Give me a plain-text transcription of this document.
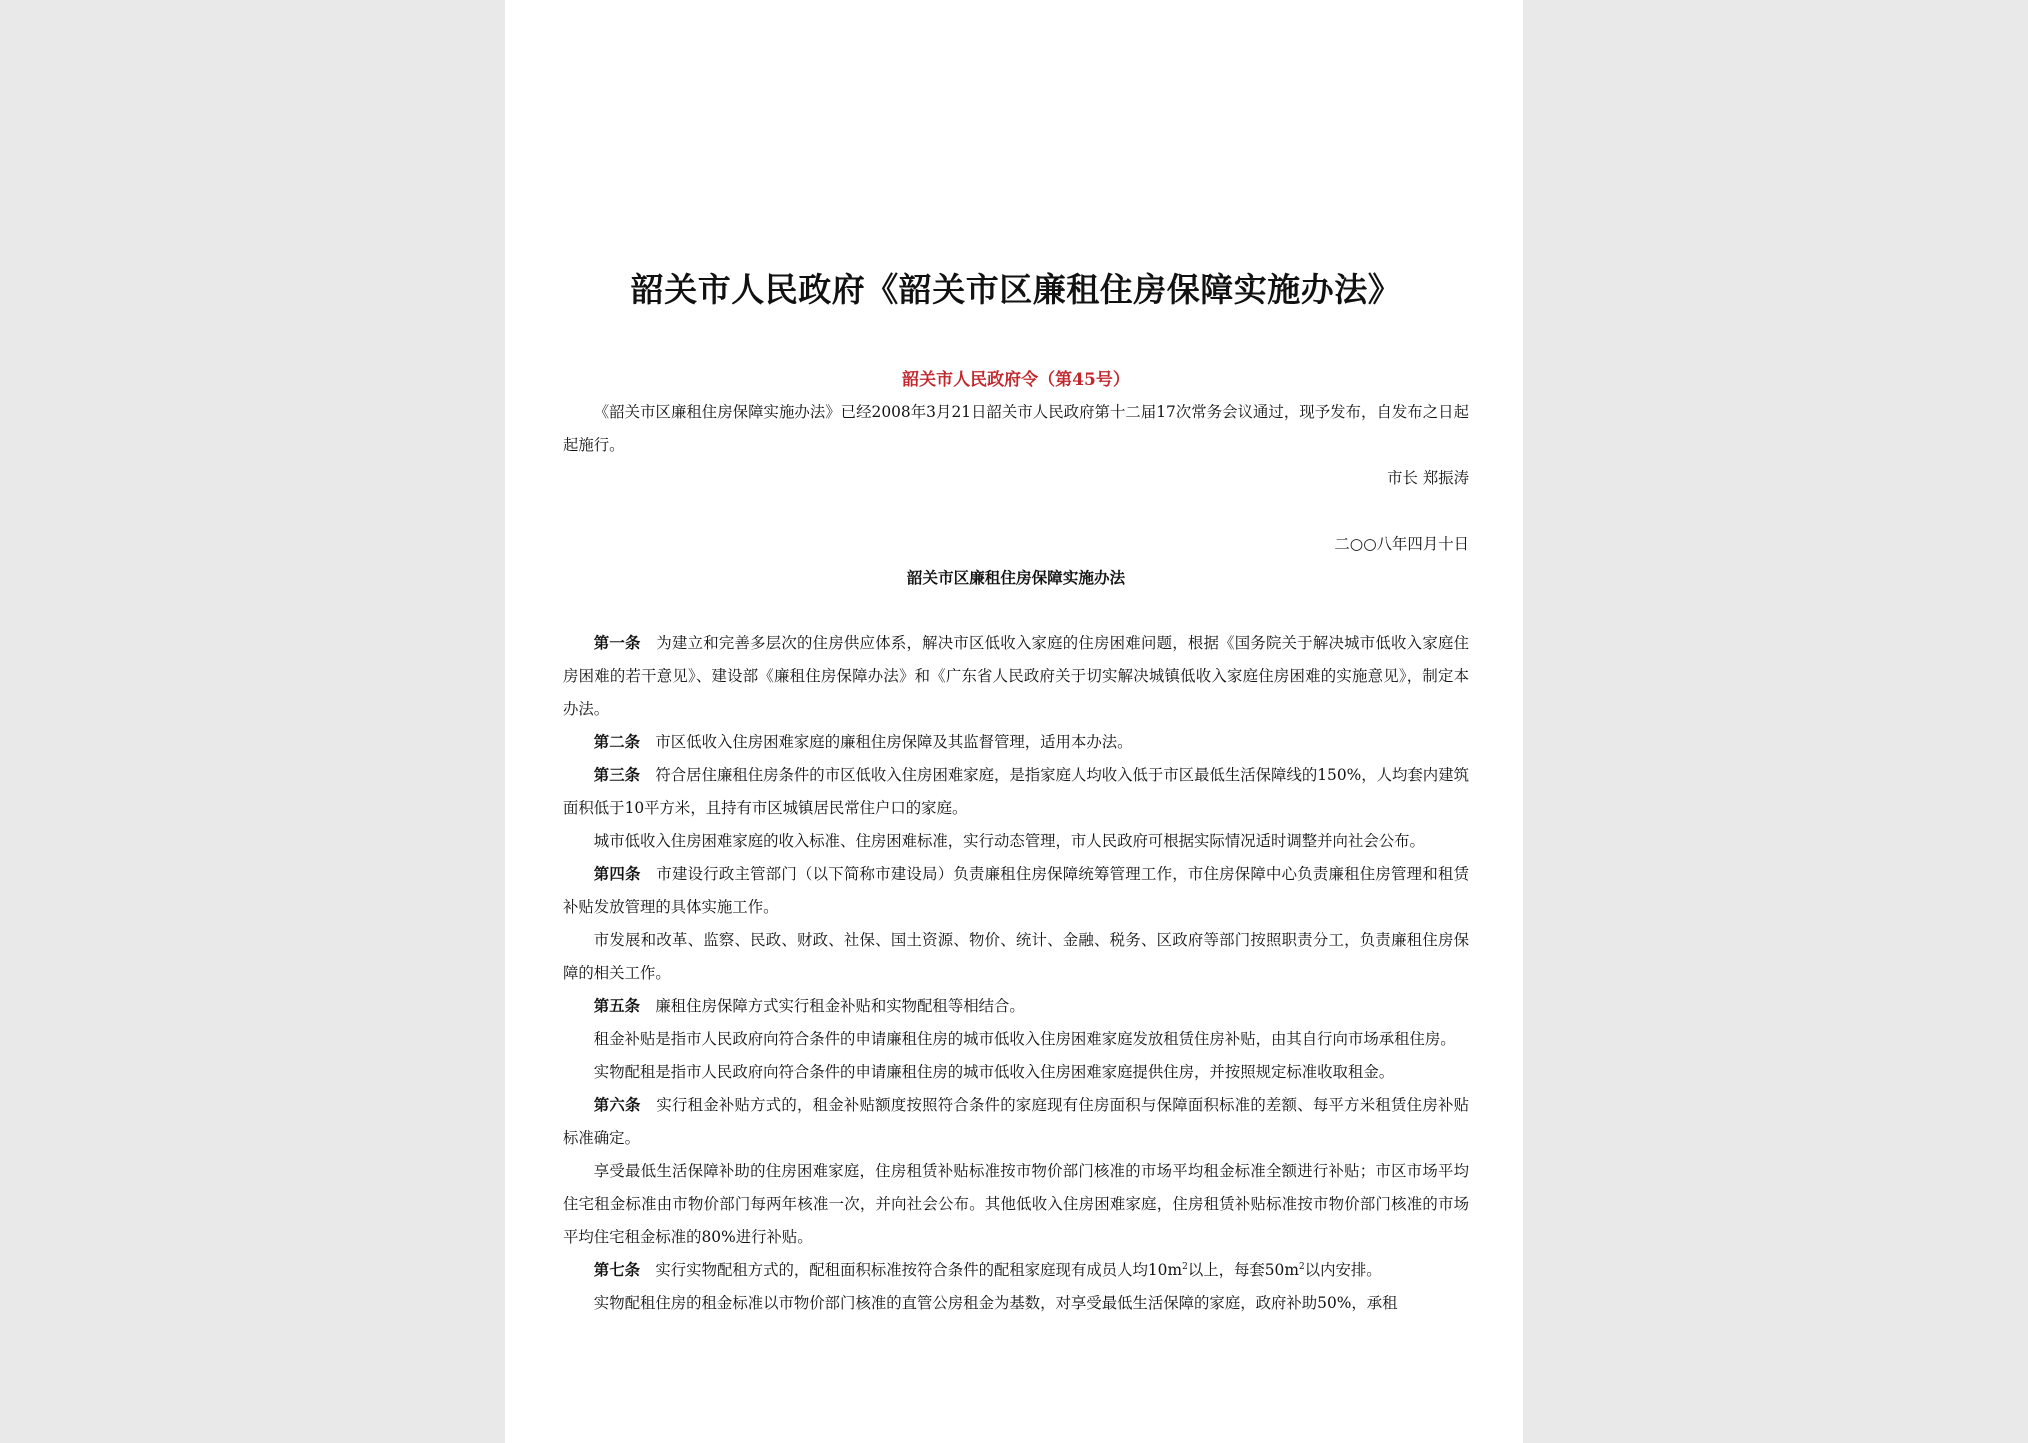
韶关市人民政府《韶关市区廉租住房保障实施办法》

韶关市人民政府令（第45号）

《韶关市区廉租住房保障实施办法》已经2008年3月21日韶关市人民政府第十二届17次常务会议通过，现予发布，自发布之日起起施行。

市长 郑振涛

二○○八年四月十日

韶关市区廉租住房保障实施办法

第一条　 为建立和完善多层次的住房供应体系，解决市区低收入家庭的住房困难问题，根据《国务院关于解决城市低收入家庭住房困难的若干意见》、建设部《廉租住房保障办法》和《广东省人民政府关于切实解决城镇低收入家庭住房困难的实施意见》，制定本办法。

第二条　 市区低收入住房困难家庭的廉租住房保障及其监督管理，适用本办法。

第三条　 符合居住廉租住房条件的市区低收入住房困难家庭，是指家庭人均收入低于市区最低生活保障线的150%，人均套内建筑面积低于10平方米，且持有市区城镇居民常住户口的家庭。

城市低收入住房困难家庭的收入标准、住房困难标准，实行动态管理，市人民政府可根据实际情况适时调整并向社会公布。

第四条　 市建设行政主管部门（以下简称市建设局）负责廉租住房保障统筹管理工作，市住房保障中心负责廉租住房管理和租赁补贴发放管理的具体实施工作。

市发展和改革、监察、民政、财政、社保、国土资源、物价、统计、金融、税务、区政府等部门按照职责分工，负责廉租住房保障的相关工作。

第五条　 廉租住房保障方式实行租金补贴和实物配租等相结合。

租金补贴是指市人民政府向符合条件的申请廉租住房的城市低收入住房困难家庭发放租赁住房补贴，由其自行向市场承租住房。

实物配租是指市人民政府向符合条件的申请廉租住房的城市低收入住房困难家庭提供住房，并按照规定标准收取租金。

第六条　 实行租金补贴方式的，租金补贴额度按照符合条件的家庭现有住房面积与保障面积标准的差额、每平方米租赁住房补贴标准确定。

享受最低生活保障补助的住房困难家庭，住房租赁补贴标准按市物价部门核准的市场平均租金标准全额进行补贴；市区市场平均住宅租金标准由市物价部门每两年核准一次，并向社会公布。其他低收入住房困难家庭，住房租赁补贴标准按市物价部门核准的市场平均住宅租金标准的80%进行补贴。

第七条　 实行实物配租方式的，配租面积标准按符合条件的配租家庭现有成员人均$10m^2$以上，每套$50m^2$以内安排。

实物配租住房的租金标准以市物价部门核准的直管公房租金为基数，对享受最低生活保障的家庭，政府补助50%，承租
